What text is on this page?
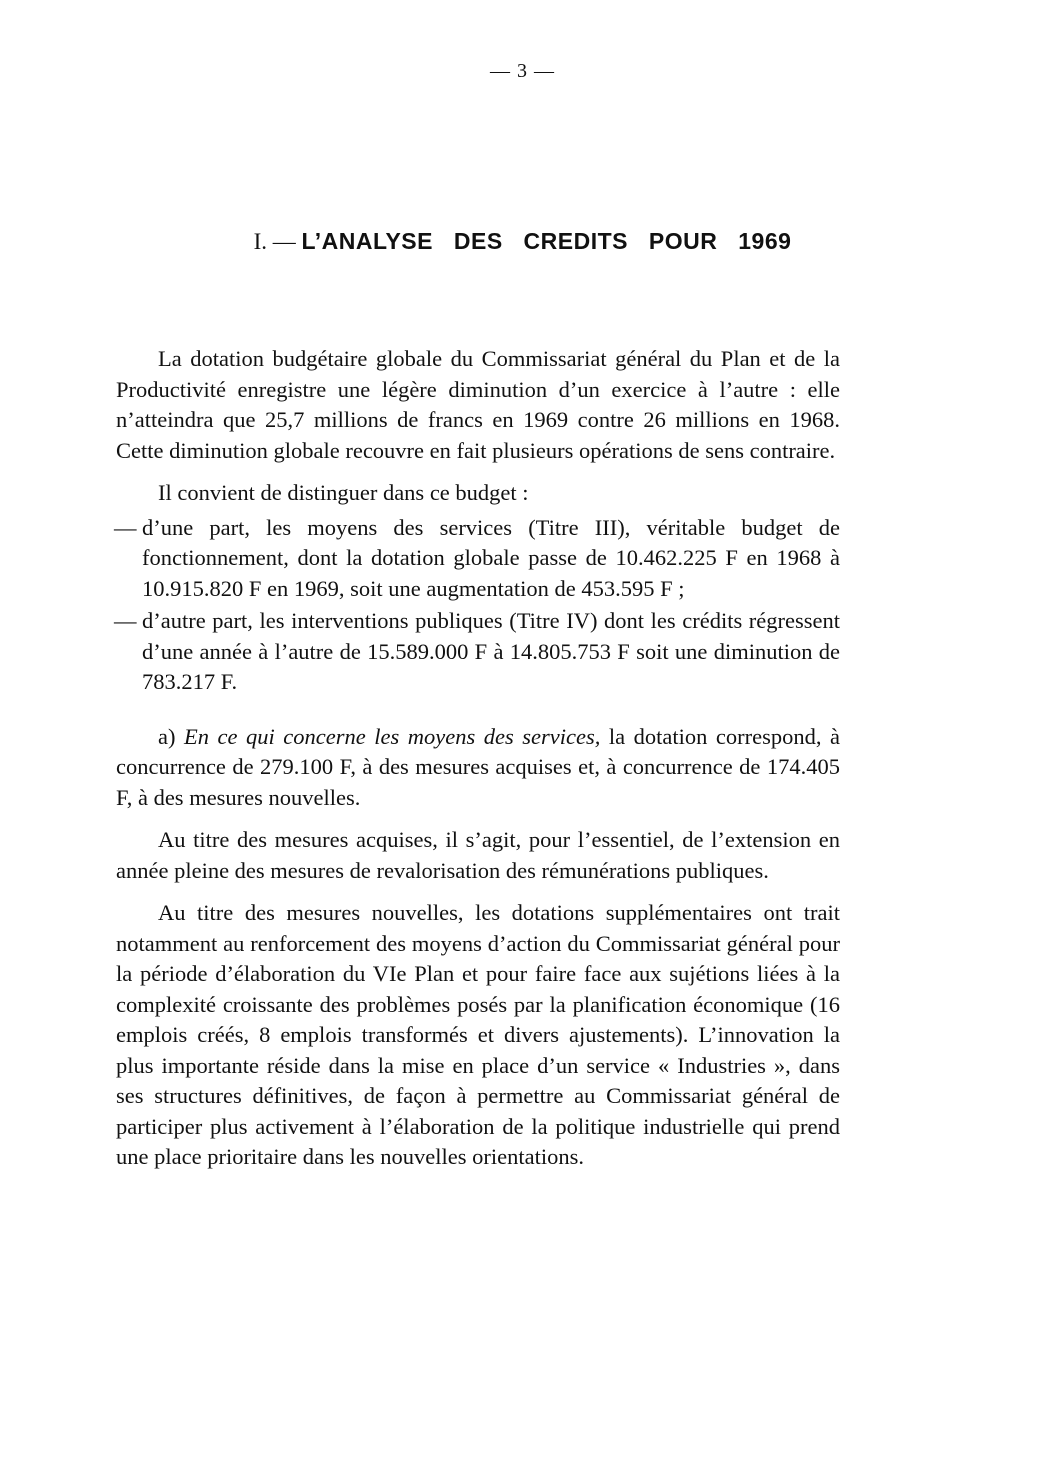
— 3 —
I. — L’ANALYSE DES CREDITS POUR 1969

La dotation budgétaire globale du Commissariat général du Plan et de la Productivité enregistre une légère diminution d’un exercice à l’autre : elle n’atteindra que 25,7 millions de francs en 1969 contre 26 millions en 1968. Cette diminution globale recouvre en fait plusieurs opérations de sens contraire.

Il convient de distinguer dans ce budget :

— d’une part, les moyens des services (Titre III), véritable budget de fonctionnement, dont la dotation globale passe de 10.462.225 F en 1968 à 10.915.820 F en 1969, soit une augmentation de 453.595 F ;
— d’autre part, les interventions publiques (Titre IV) dont les crédits régressent d’une année à l’autre de 15.589.000 F à 14.805.753 F soit une diminution de 783.217 F.

a) En ce qui concerne les moyens des services, la dotation correspond, à concurrence de 279.100 F, à des mesures acquises et, à concurrence de 174.405 F, à des mesures nouvelles.

Au titre des mesures acquises, il s’agit, pour l’essentiel, de l’extension en année pleine des mesures de revalorisation des rémunérations publiques.

Au titre des mesures nouvelles, les dotations supplémentaires ont trait notamment au renforcement des moyens d’action du Commissariat général pour la période d’élaboration du VIe Plan et pour faire face aux sujétions liées à la complexité croissante des problèmes posés par la planification économique (16 emplois créés, 8 emplois transformés et divers ajustements). L’innovation la plus importante réside dans la mise en place d’un service « Industries », dans ses structures définitives, de façon à permettre au Commissariat général de participer plus activement à l’élaboration de la politique industrielle qui prend une place prioritaire dans les nouvelles orientations.
